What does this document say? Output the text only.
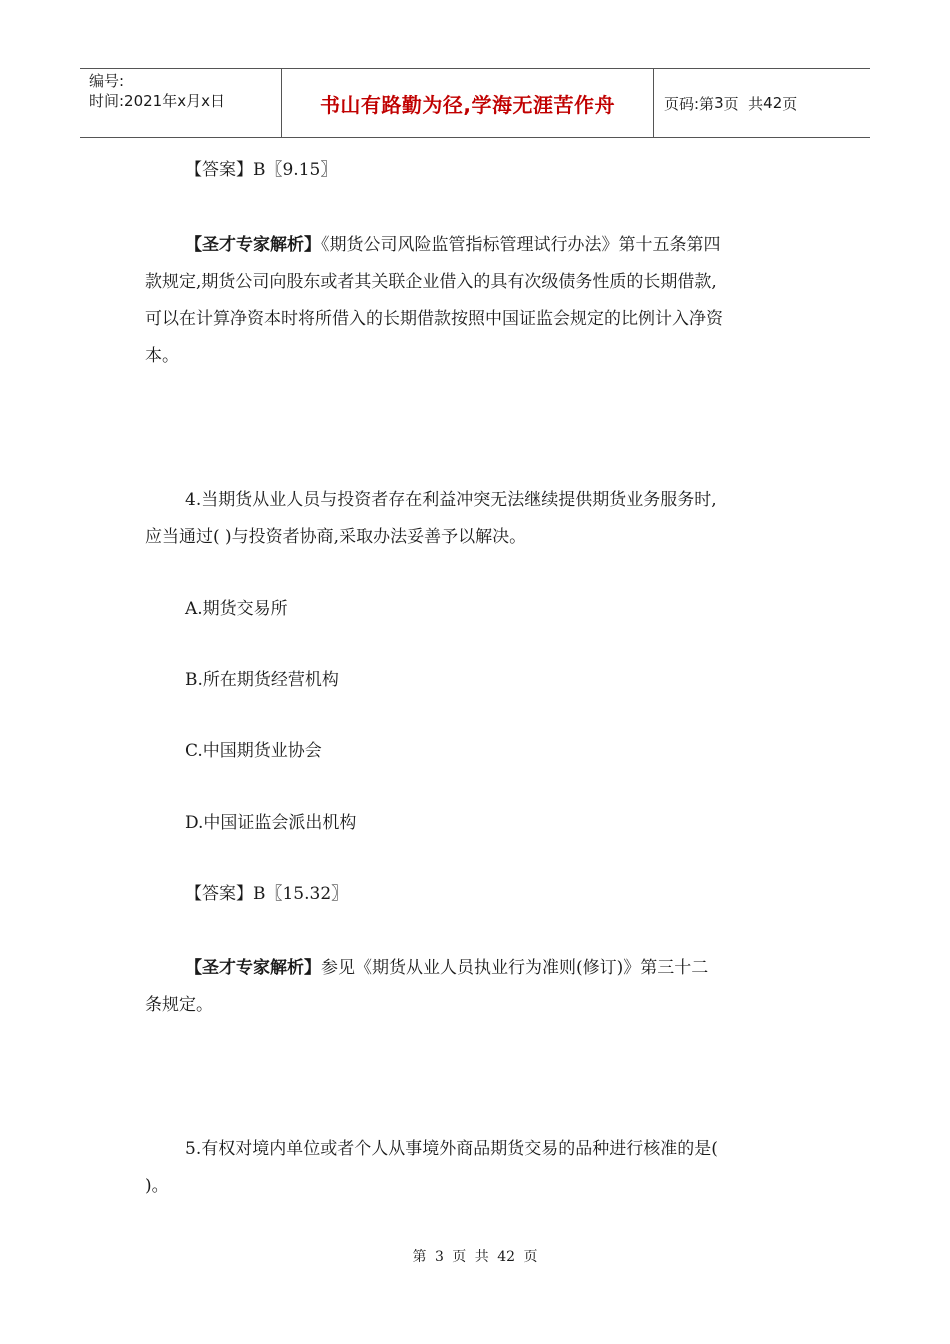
编号:
时间:2021年x月x日	书山有路勤为径,学海无涯苦作舟	页码:第 3 页  共 42 页
【答案】B〖9.15〗
【圣才专家解析】《期货公司风险监管指标管理试行办法》第十五条第四
款规定,期货公司向股东或者其关联企业借入的具有次级债务性质的长期借款,
可以在计算净资本时将所借入的长期借款按照中国证监会规定的比例计入净资
本。
4.当期货从业人员与投资者存在利益冲突无法继续提供期货业务服务时,
应当通过( )与投资者协商,采取办法妥善予以解决。
A.期货交易所
B.所在期货经营机构
C.中国期货业协会
D.中国证监会派出机构
【答案】B〖15.32〗
【圣才专家解析】参见《期货从业人员执业行为准则(修订)》第三十二
条规定。
5.有权对境内单位或者个人从事境外商品期货交易的品种进行核准的是(
)。
第 3 页 共 42 页
